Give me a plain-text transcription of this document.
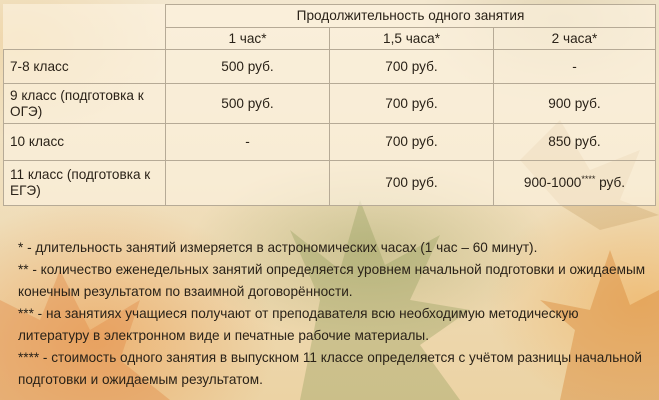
	Продолжительность одного занятия		
	1 час*	1,5 часа*	2 часа*
7-8 класс	500 руб.	700 руб.	-
9 класс (подготовка к ОГЭ)	500 руб.	700 руб.	900 руб.
10 класс	-	700 руб.	850 руб.
11 класс (подготовка к ЕГЭ)		700 руб.	900-1000**** руб.

* - длительность занятий измеряется в астрономических часах (1 час – 60 минут).

** - количество еженедельных занятий определяется уровнем начальной подготовки и ожидаемым конечным результатом по взаимной договорённости.

*** - на занятиях учащиеся получают от преподавателя всю необходимую методическую литературу в электронном виде и печатные рабочие материалы.

**** - стоимость одного занятия в выпускном 11 классе определяется с учётом разницы начальной подготовки и ожидаемым результатом.
